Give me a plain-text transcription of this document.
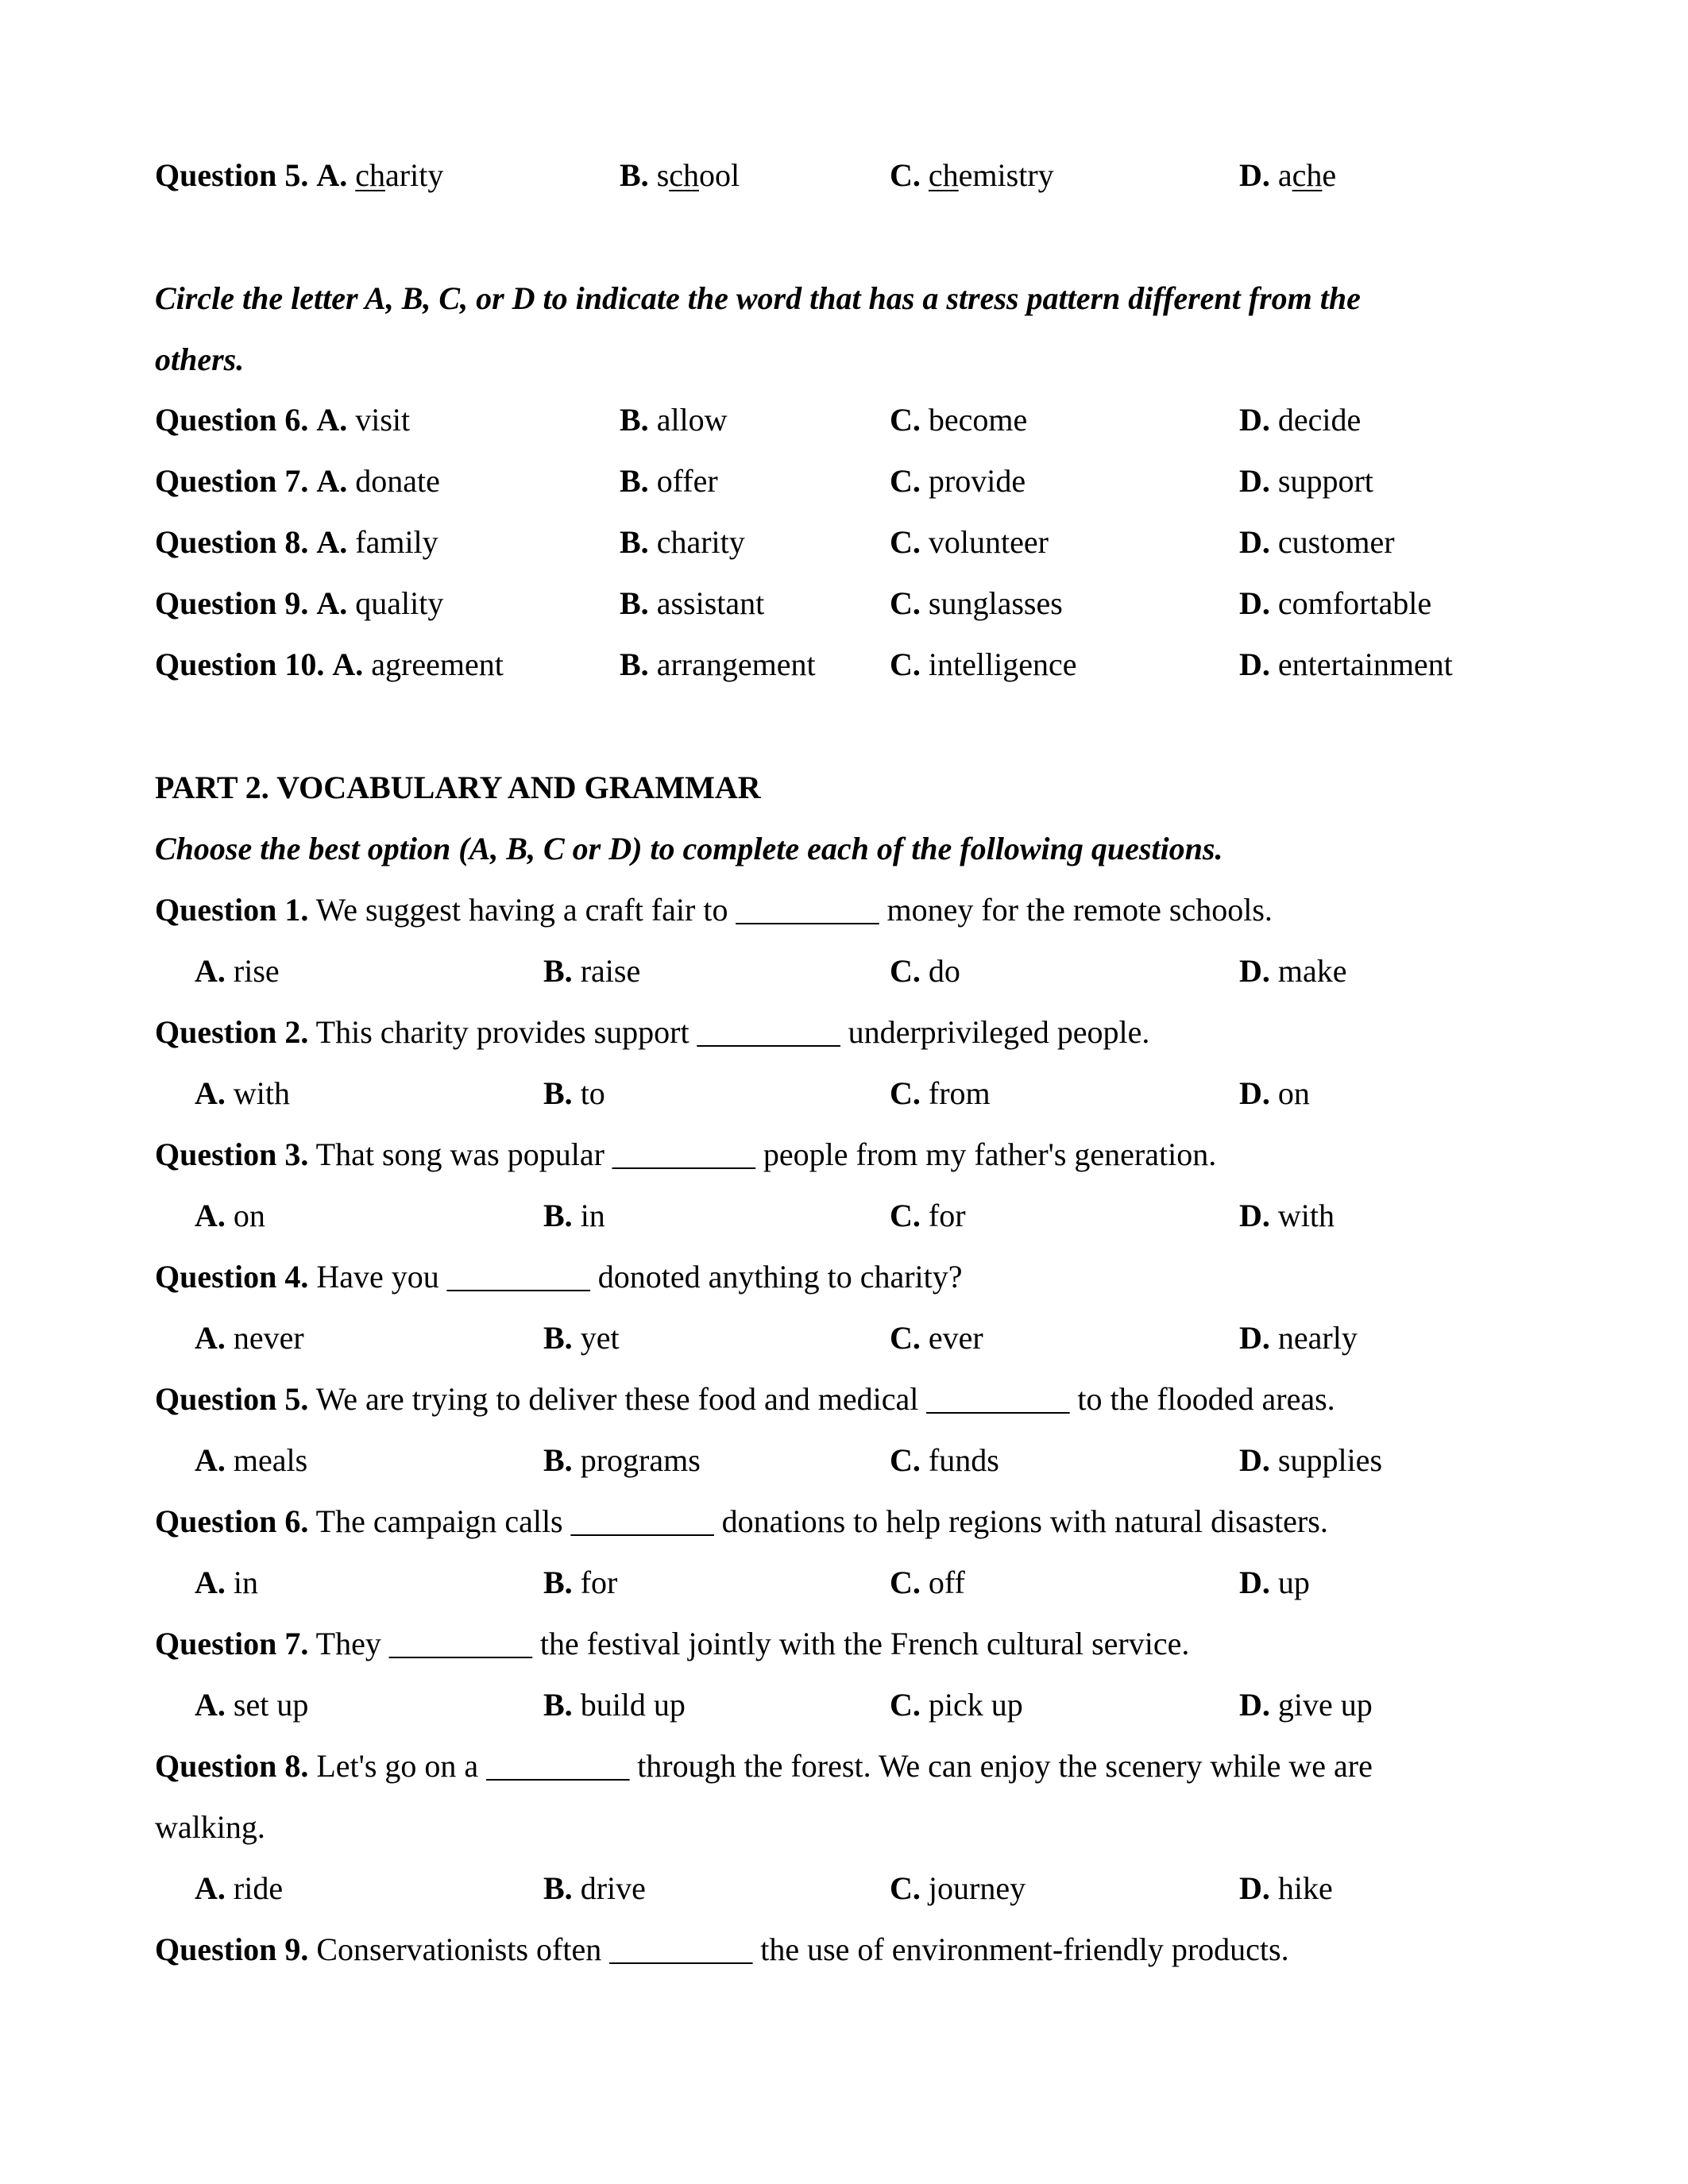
Question 5. A. charity	B. school	C. chemistry	D. ache
Circle the letter A, B, C, or D to indicate the word that has a stress pattern different from the
others.
Question 6. A. visit	B. allow	C. become	D. decide
Question 7. A. donate	B. offer	C. provide	D. support
Question 8. A. family	B. charity	C. volunteer	D. customer
Question 9. A. quality	B. assistant	C. sunglasses	D. comfortable
Question 10. A. agreement	B. arrangement C. intelligence	D. entertainment
PART 2. VOCABULARY AND GRAMMAR
Choose the best option (A, B, C or D) to complete each of the following questions.
Question 1. We suggest having a craft fair to _________ money for the remote schools.
A. rise	B. raise	C. do	D. make
Question 2. This charity provides support _________ underprivileged people.
A. with	B. to	C. from	D. on
Question 3. That song was popular _________ people from my father's generation.
A. on	B. in	C. for	D. with
Question 4. Have you _________ donoted anything to charity?
A. never	B. yet	C. ever	D. nearly
Question 5. We are trying to deliver these food and medical _________ to the flooded areas.
A. meals	B. programs	C. funds	D. supplies
Question 6. The campaign calls _________ donations to help regions with natural disasters.
A. in	B. for	C. off	D. up
Question 7. They _________ the festival jointly with the French cultural service.
A. set up	B. build up	C. pick up	D. give up
Question 8. Let's go on a _________ through the forest. We can enjoy the scenery while we are
walking.
A. ride	B. drive	C. journey	D. hike
Question 9. Conservationists often _________ the use of environment-friendly products.
